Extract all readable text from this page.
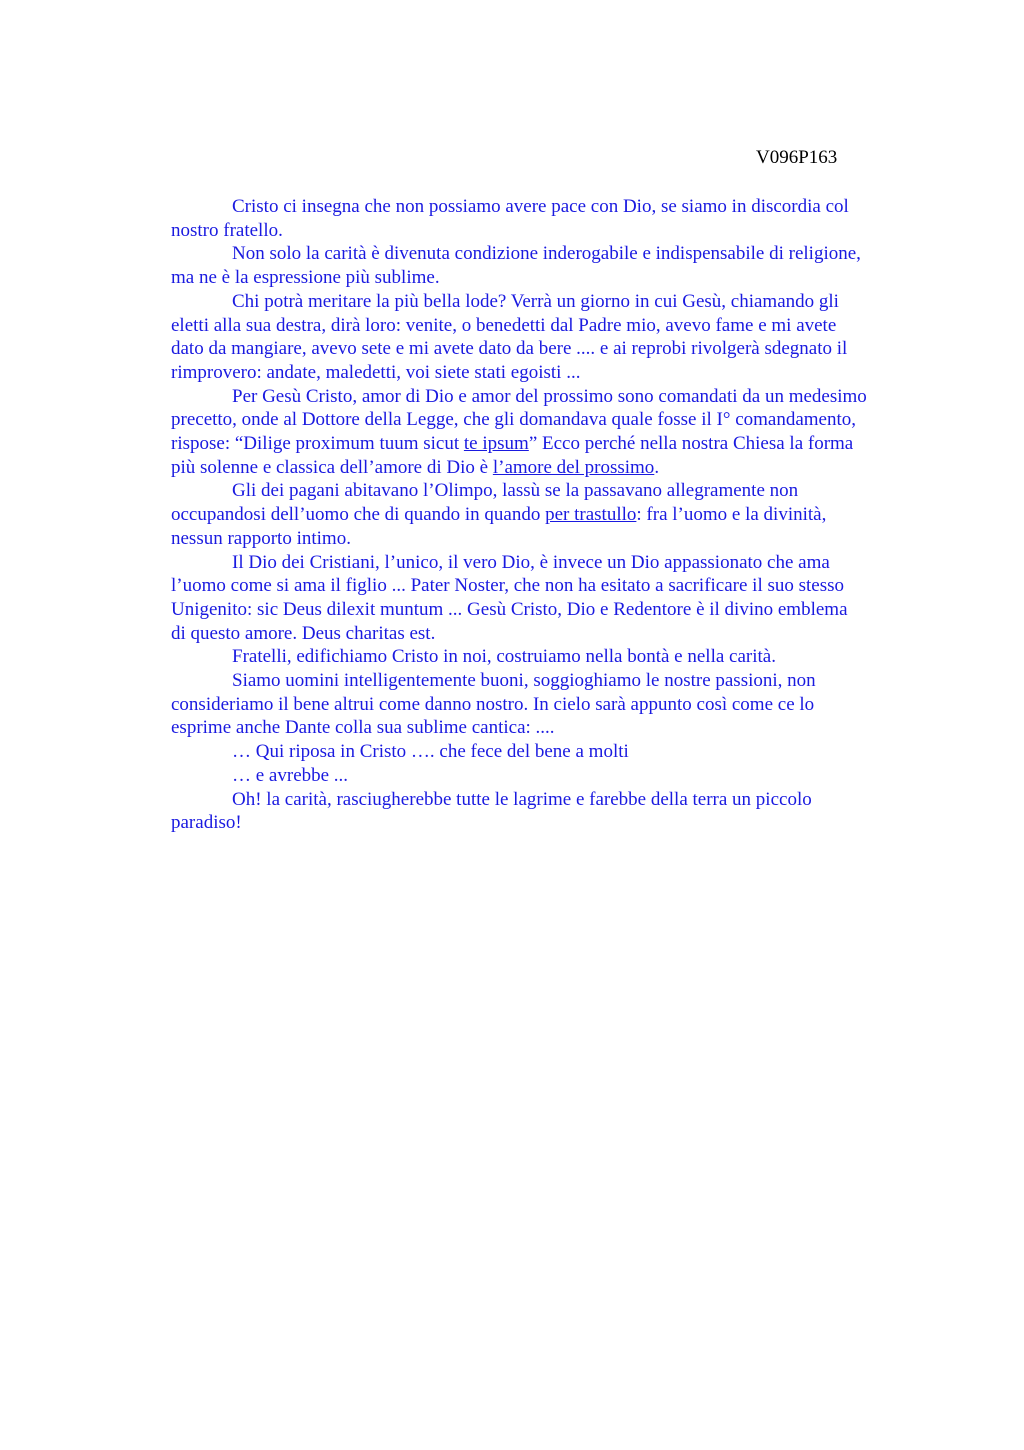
V096P163

Cristo ci insegna che non possiamo avere pace con Dio, se siamo in discordia col
nostro fratello.

Non solo la carità è divenuta condizione inderogabile e indispensabile di religione,
ma ne è la espressione più sublime.

Chi potrà meritare la più bella lode? Verrà un giorno in cui Gesù, chiamando gli
eletti alla sua destra, dirà loro: venite, o benedetti dal Padre mio, avevo fame e mi avete
dato da mangiare, avevo sete e mi avete dato da bere .... e ai reprobi rivolgerà sdegnato il
rimprovero: andate, maledetti, voi siete stati egoisti ...

Per Gesù Cristo, amor di Dio e amor del prossimo sono comandati da un medesimo
precetto, onde al Dottore della Legge, che gli domandava quale fosse il I° comandamento,
rispose: “Dilige proximum tuum sicut te ipsum” Ecco perché nella nostra Chiesa la forma
più solenne e classica dell’amore di Dio è l’amore del prossimo.

Gli dei pagani abitavano l’Olimpo, lassù se la passavano allegramente non
occupandosi dell’uomo che di quando in quando per trastullo: fra l’uomo e la divinità,
nessun rapporto intimo.

Il Dio dei Cristiani, l’unico, il vero Dio, è invece un Dio appassionato che ama
l’uomo come si ama il figlio ... Pater Noster, che non ha esitato a sacrificare il suo stesso
Unigenito: sic Deus dilexit muntum ... Gesù Cristo, Dio e Redentore è il divino emblema
di questo amore. Deus charitas est.

Fratelli, edifichiamo Cristo in noi, costruiamo nella bontà e nella carità.

Siamo uomini intelligentemente buoni, soggioghiamo le nostre passioni, non
consideriamo il bene altrui come danno nostro. In cielo sarà appunto così come ce lo
esprime anche Dante colla sua sublime cantica: ....

… Qui riposa in Cristo …. che fece del bene a molti

… e avrebbe ...

Oh! la carità, rasciugherebbe tutte le lagrime e farebbe della terra un piccolo
paradiso!
